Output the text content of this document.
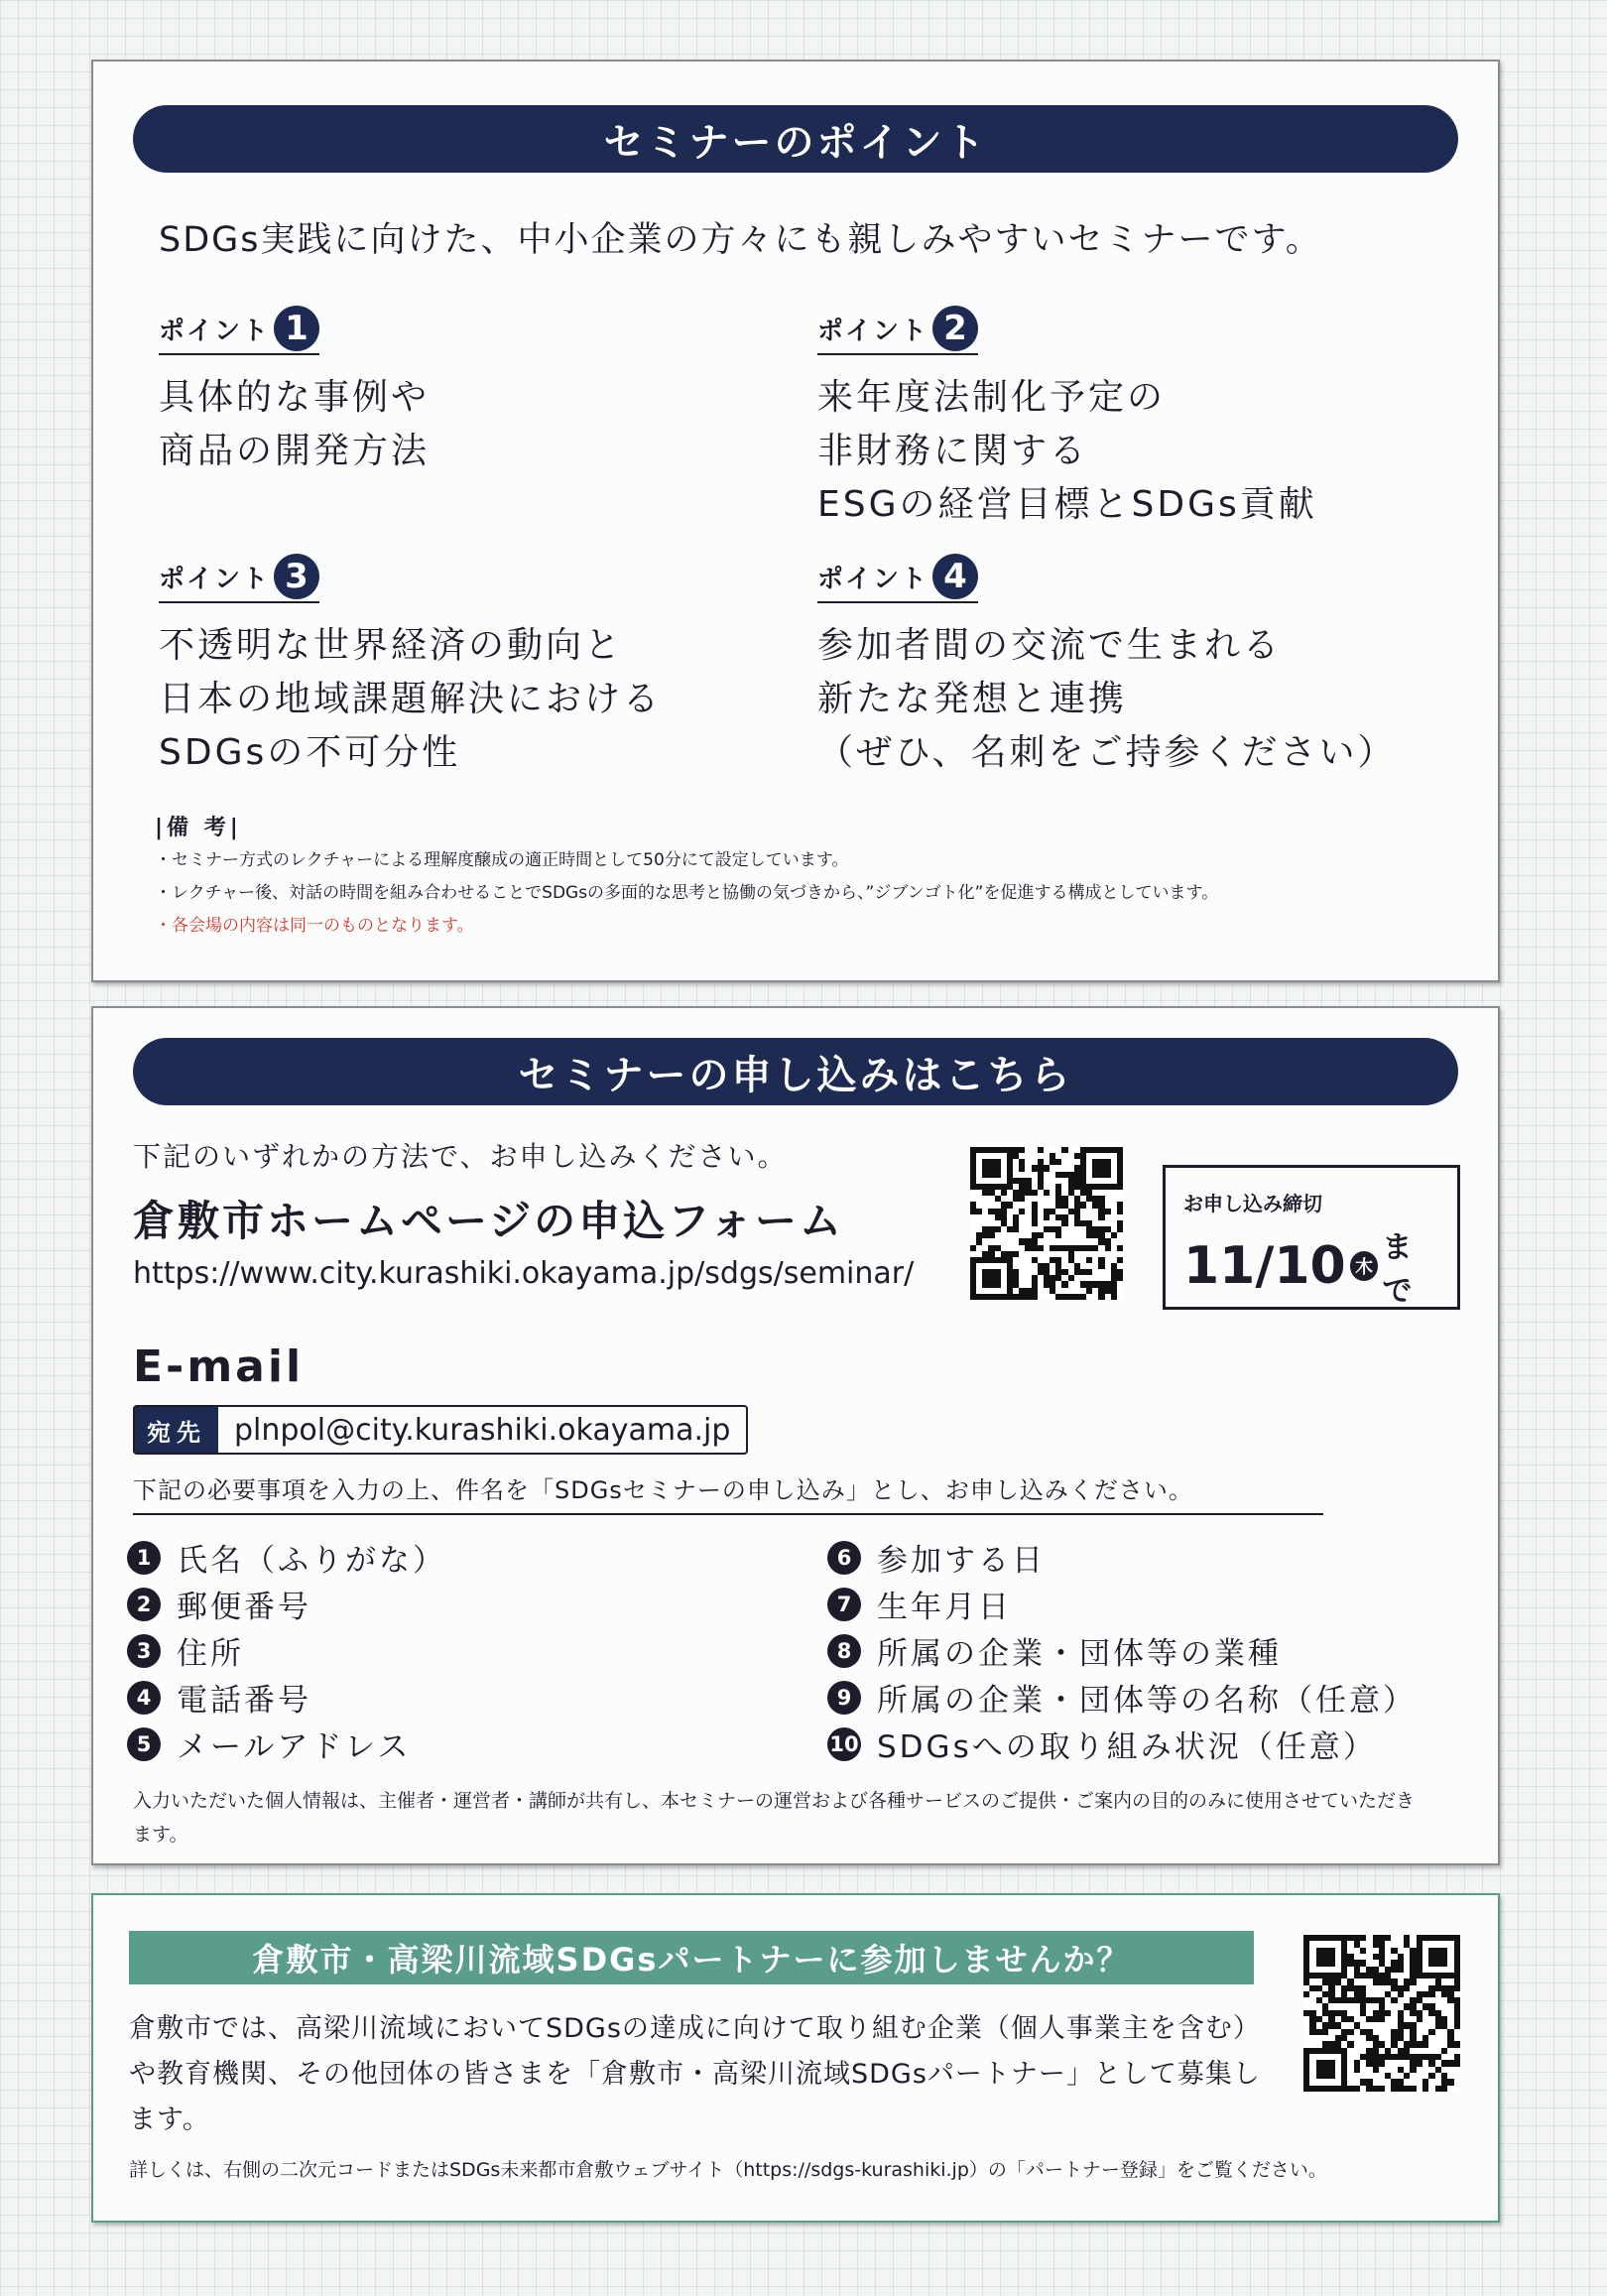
セミナーのポイント
SDGs実践に向けた、中小企業の方々にも親しみやすいセミナーです。
ポイント 1
具体的な事例や
商品の開発方法
ポイント 2
来年度法制化予定の
非財務に関する
ESGの経営目標とSDGs貢献
ポイント 3
不透明な世界経済の動向と
日本の地域課題解決における
SDGsの不可分性
ポイント 4
参加者間の交流で生まれる
新たな発想と連携
（ぜひ、名刺をご持参ください）
|備 考|
・セミナー方式のレクチャーによる理解度醸成の適正時間として50分にて設定しています。
・レクチャー後、対話の時間を組み合わせることでSDGsの多面的な思考と協働の気づきから、”ジブンゴト化”を促進する構成としています。
・各会場の内容は同一のものとなります。
セミナーの申し込みはこちら
下記のいずれかの方法で、お申し込みください。
倉敷市ホームページの申込フォーム
https://www.city.kurashiki.okayama.jp/sdgs/seminar/
お申し込み締切
11/10 木
まで
E-mail
宛先 plnpol@city.kurashiki.okayama.jp
下記の必要事項を入力の上、件名を「SDGsセミナーの申し込み」とし、お申し込みください。
1 氏名（ふりがな）
2 郵便番号
3 住所
4 電話番号
5 メールアドレス
6 参加する日
7 生年月日
8 所属の企業・団体等の業種
9 所属の企業・団体等の名称（任意）
10 SDGsへの取り組み状況（任意）
入力いただいた個人情報は、主催者・運営者・講師が共有し、本セミナーの運営および各種サービスのご提供・ご案内の目的のみに使用させていただきます。
倉敷市・高梁川流域SDGsパートナーに参加しませんか？
倉敷市では、高梁川流域においてSDGsの達成に向けて取り組む企業（個人事業主を含む）や教育機関、その他団体の皆さまを「倉敷市・高梁川流域SDGsパートナー」として募集します。
詳しくは、右側の二次元コードまたはSDGs未来都市倉敷ウェブサイト（https://sdgs-kurashiki.jp）の「パートナー登録」をご覧ください。
